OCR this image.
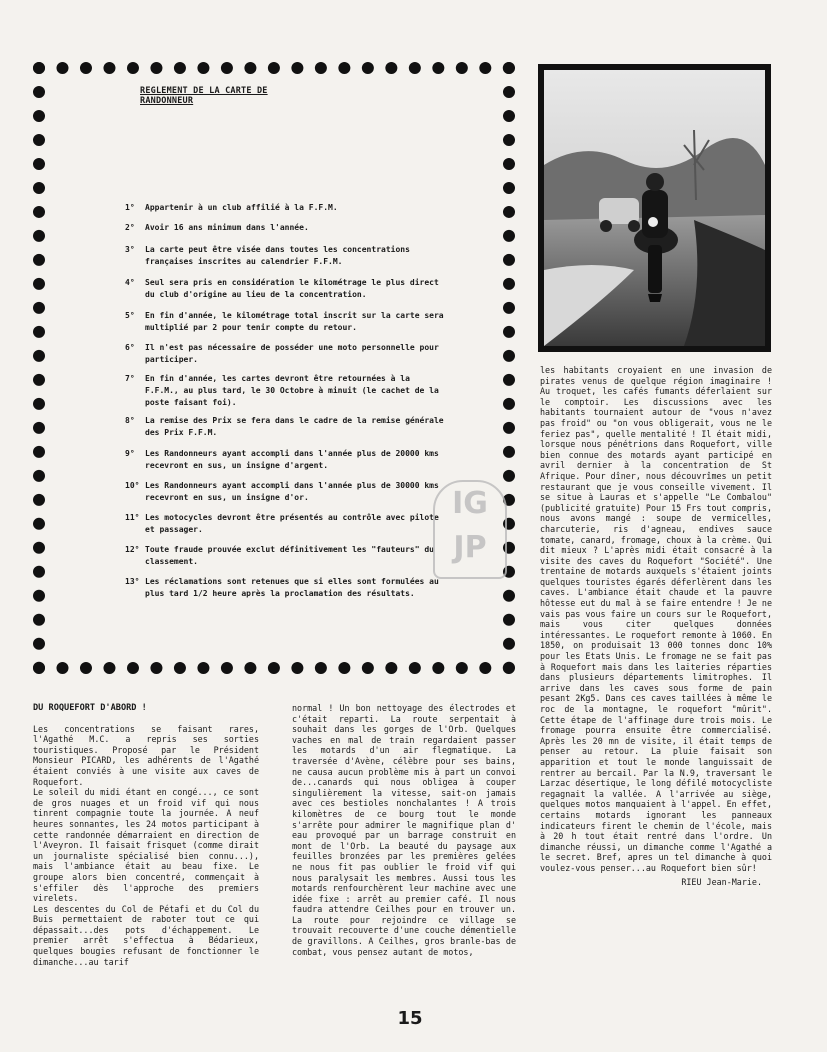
REGLEMENT DE LA CARTE DE RANDONNEUR
1° Appartenir à un club affilié à la F.F.M.
2° Avoir 16 ans minimum dans l'année.
3° La carte peut être visée dans toutes les concentrations françaises inscrites au calendrier F.F.M.
4° Seul sera pris en considération le kilométrage le plus direct du club d'origine au lieu de la concentration.
5° En fin d'année, le kilométrage total inscrit sur la carte sera multiplié par 2 pour tenir compte du retour.
6° Il n'est pas nécessaire de posséder une moto personnelle pour participer.
7° En fin d'année, les cartes devront être retournées à la F.F.M., au plus tard, le 30 Octobre à minuit (le cachet de la poste faisant foi).
8° La remise des Prix se fera dans le cadre de la remise générale des Prix F.F.M.
9° Les Randonneurs ayant accompli dans l'année plus de 20000 kms recevront en sus, un insigne d'argent.
10° Les Randonneurs ayant accompli dans l'année plus de 30000 kms recevront en sus, un insigne d'or.
11° Les motocycles devront être présentés au contrôle avec pilote et passager.
12° Toute fraude prouvée exclut définitivement les "fauteurs" du classement.
13° Les réclamations sont retenues que si elles sont formulées au plus tard 1/2 heure après la proclamation des résultats.
IG
JP
DU ROQUEFORT D'ABORD !

Les concentrations se faisant rares, l'Agathé M.C. a repris ses sorties touristiques. Proposé par le Président Monsieur PICARD, les adhérents de l'Agathé étaient conviés à une visite aux caves de Roquefort.

Le soleil du midi étant en congé..., ce sont de gros nuages et un froid vif qui nous tinrent compagnie toute la journée. A neuf heures sonnantes, les 24 motos participant à cette randonnée démarraient en direction de l'Aveyron. Il faisait frisquet (comme dirait un journaliste spécialisé bien connu...), mais l'ambiance était au beau fixe. Le groupe alors bien concentré, commençait à s'effiler dès l'approche des premiers virelets.

Les descentes du Col de Pétafi et du Col du Buis permettaient de raboter tout ce qui dépassait...des pots d'échappement. Le premier arrêt s'effectua à Bédarieux, quelques bougies refusant de fonctionner le dimanche...au tarif

normal ! Un bon nettoyage des électrodes et c'était reparti. La route serpentait à souhait dans les gorges de l'Orb. Quelques vaches en mal de train regardaient passer les motards d'un air flegmatique. La traversée d'Avène, célèbre pour ses bains, ne causa aucun problème mis à part un convoi de...canards qui nous obligea à couper singulièrement la vitesse, sait-on jamais avec ces bestioles nonchalantes ! A trois kilomètres de ce bourg tout le monde s'arrête pour admirer le magnifique plan d' eau provoqué par un barrage construit en mont de l'Orb. La beauté du paysage aux feuilles bronzées par les premières gelées ne nous fit pas oublier le froid vif qui nous paralysait les membres. Aussi tous les motards renfourchèrent leur machine avec une idée fixe : arrêt au premier café. Il nous faudra attendre Ceilhes pour en trouver un. La route pour rejoindre ce village se trouvait recouverte d'une couche démentielle de gravillons. A Ceilhes, gros branle-bas de combat, vous pensez autant de motos,

les habitants croyaient en une invasion de pirates venus de quelque région imaginaire ! Au troquet, les cafés fumants déferlaient sur le comptoir. Les discussions avec les habitants tournaient autour de "vous n'avez pas froid" ou "on vous obligerait, vous ne le feriez pas", quelle mentalité ! Il était midi, lorsque nous pénétrions dans Roquefort, ville bien connue des motards ayant participé en avril dernier à la concentration de St Afrique. Pour dîner, nous découvrîmes un petit restaurant que je vous conseille vivement. Il se situe à Lauras et s'appelle "Le Combalou" (publicité gratuite) Pour 15 Frs tout compris, nous avons mangé : soupe de vermicelles, charcuterie, ris d'agneau, endives sauce tomate, canard, fromage, choux à la crème. Qui dit mieux ? L'après midi était consacré à la visite des caves du Roquefort "Société". Une trentaine de motards auxquels s'étaient joints quelques touristes égarés déferlèrent dans les caves. L'ambiance était chaude et la pauvre hôtesse eut du mal à se faire entendre ! Je ne vais pas vous faire un cours sur le Roquefort, mais vous citer quelques données intéressantes. Le roquefort remonte à 1060. En 1850, on produisait 13 000 tonnes donc 10% pour les Etats Unis. Le fromage ne se fait pas à Roquefort mais dans les laiteries réparties dans plusieurs départements limitrophes. Il arrive dans les caves sous forme de pain pesant 2Kg5. Dans ces caves taillées à même le roc de la montagne, le roquefort "mûrit". Cette étape de l'affinage dure trois mois. Le fromage pourra ensuite être commercialisé. Après les 20 mn de visite, il était temps de penser au retour. La pluie faisait son apparition et tout le monde languissait de rentrer au bercail. Par la N.9, traversant le Larzac désertique, le long défilé motocycliste regagnait la vallée. A l'arrivée au siège, quelques motos manquaient à l'appel. En effet, certains motards ignorant les panneaux indicateurs firent le chemin de l'école, mais à 20 h tout était rentré dans l'ordre. Un dimanche réussi, un dimanche comme l'Agathé a le secret. Bref, apres un tel dimanche à quoi voulez-vous penser...au Roquefort bien sûr!

RIEU Jean-Marie.
15
